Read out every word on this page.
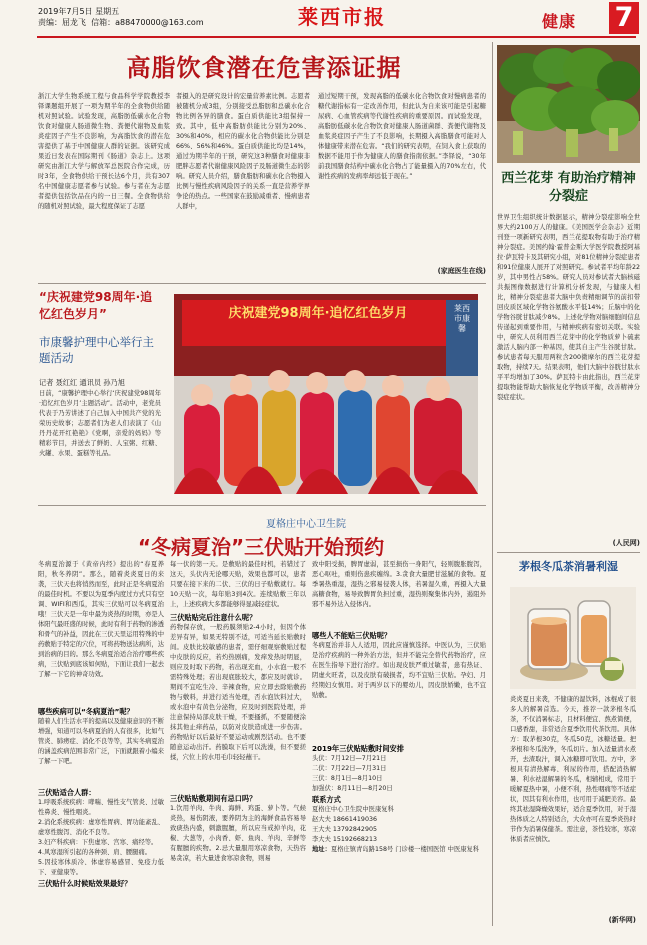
2019年7月5日 星期五
责编：屈龙飞 信箱：a88470000@163.com	莱西市报	健康 7
高脂饮食潜在危害添证据
浙江大学生物系统工程与食品科学学院教授李铎课题组开展了一项为期半年的全食物供给随机对照试验。试验发现，高脂肪低碳水化合物饮食对健康人肠道微生物、粪便代谢物及血浆炎症因子产生不良影响，为高脂饮食的潜在危害提供了基于中国健康人群的证据。该研究成果近日发表在国际期刊《肠道》杂志上。这项研究由浙江大学与解放军总医院合作完成，历时3年，全食物供给干预长达6个月，共有307名中国健康志愿者参与试验。参与者在为志愿者提供包括饮品在内的一日三餐。全食物供给的随机对照试验，最大程度保证了志愿
者摄入的是研究设计的宏量营养素比例。志愿者被随机分成3组，分别接受总脂肪和总碳水化合物比例各异的膳食。蛋白质供能比3组保持一致。其中，低中高脂肪供能比分别为20%、30%和40%，相应的碳水化合物供能比分别是66%、56%和46%。蛋白质供能比均是14%，通过为期半年的干预，研究这3种膳食对健康非肥胖志愿者代谢健康风险因子及肠道微生态的影响。研究人员介绍，膳食脂肪和碳水化合物摄入比例与慢性疾病风险因子的关系一直是营养学界争论的热点。一些国家在鼓励减重者、慢病患者人群中，
通过短期干预，发现高脂的低碳水化合物饮食对慢病患者的糖代谢指标有一定改善作用，但此认为自来该可能是引起糖尿病、心血管疾病等代谢性疾病的重要原因。而试验发现，高脂肪低碳水化合物饮食对健康人肠道菌群、粪便代谢物及血浆炎症因子产生了不良影响，长期摄入高脂膳食可能对人体健康带来潜在危害。“我们的研究表明，在饲入食上获取的数据不能用于作为健康人的膳食指南依据。”李铎说，“30年前我国膳食结构中碳水化合物占了能量摄入的70%左右，代谢性疾病的发病率却远低于现在。”
(家庭医生在线)
西兰花芽 有助治疗精神分裂症
世界卫生组织统计数据显示，精神分裂症影响全世界大约2100万人的健康。《美国医学会杂志》近期刊登一项新研究表明，西兰花提取物有助于治疗精神分裂症。美国约翰·霍普金斯大学医学院教授阿基拉·萨瓦特卡及其研究小组，对81位精神分裂症患者和91位健康人展开了对照研究。参试者平均年龄22岁，其中男性占58%。研究人员对参试者大脑核磁共振图像数据进行计算机分析发现，与健康人相比，精神分裂症患者大脑中负责精细调节的前扣带回皮质区域化学物谷氨酸水平低14%；丘脑中的化学物谷胱甘肽减少8%。上述化学物对脑细胞间信息传递起到重要作用，与精神疾病有密切关联。实验中，研究人员利用西兰花芽中的化学物质萝卜硫素激活人脑内部一种基因，使其自主产生谷胱甘肽。参试患者每天服用两粒含200微摩尔的西兰花芽提取物，持续7天。结果表明，他们大脑中谷胱甘肽水平平均增加了30%。萨瓦特卡由此指出，西兰花芽提取物能帮助大脑恢复化学物质平衡，改善精神分裂症症状。
(人民网)
“庆祝建党98周年·追忆红色岁月”
市康馨护理中心举行主题活动
记者 聂红红 通讯员 孙乃旭
日前，“康馨护理中心举行‘庆祝建党98周年·追忆红色岁月’主题活动”。活动中，老党员代表于乃芳讲述了自己加入中国共产党的光荣历史故事；志愿者们为老人们表演了《山丹丹花开红艳艳》《党啊，亲爱的妈妈》等精彩节目，并送去了鲜奶、人宝粥、红糖、火罐、水果、蛋糕等礼品。
庆祝建党98周年·追忆红色岁月	莱西市康馨
夏格庄中心卫生院
“冬病夏治”三伏贴开始预约
冬病夏治源于《黄帝内经》提出的“春夏养阳，秋冬养阴”。那么，随着炎炎夏日的来袭，三伏天也将悄然而至，此时正是冬病夏治的最佳时机。不要以为夏季内度过方式只有空调、WIFI和西瓜，其实三伏贴可以冬病夏治哦！三伏天是一年中最为炎热的时期，亦是人体阳气最旺盛的时候，此时有利于药物的渗透和骨气的补益，因此在三伏天里运用特殊的中药敷贴于特定的穴位，可将药物送达病所，达到治病的目的。那么冬病夏治适合治疗哪些疾病，三伏贴到底该如何贴，下面让我们一起去了解一下它的神奇功效。
哪些疾病可以“冬病夏治”呢？
随着人们生活水平的提高以及健康意识的不断增强，知道可以冬病夏治的人有很多，比如气管炎、肺痨症、消化不良等等，其实冬病夏治的涵盖疾病范围非常广泛，下面就跟着小编来了解一下吧。
三伏贴适合人群：
1.呼吸系统疾病：哮喘、慢性支气管炎、过敏性鼻炎、慢性咽炎。
2.消化系统疾病：虚寒性胃病、胃功能紊乱、虚寒性腹泻、消化不良等。
3.妇产科疾病：下焦虚寒、宫寒、痛经等。
4.风寒湿所引起的各种颈、肩、腰腿痛。
5.因技寒体质冷、体虚容易感冒、免疫力低下、亚健康等。
三伏贴什么时候贴效果最好？
每一伏的第一天。是敷贴的最佳时机，若错过了这天，头伏内无论哪天贴，效果也都可以，患者只要在接下来的二伏、三伏的日子贴敷就行。每10天贴一次，每年贴3到4次。连续贴敷三年以上，上述疾病大多都能够得显减轻症状。
三伏贴贴完后注意什么呢？
药物保存放，一般药膜须贴2-4小时，但因个体差异有异，如果无特别不适，可适当延长贴敷时间。皮肤比较敏感的患者，需仔细观察敷贴过程中皮肤的反应，若灼热剧痛，发痒发热时明显，则应及时取下药物，若出现充血，小水泡一般不需特殊处理；若出现底胀较大，都应及时就诊。期间不宜吃生冷、辛辣食物，应立即去除贴敷药物与敷料，并进行适当处理，否水泡饮料过大，或水泡中有黄色分泌物，应及时到医院处理，并注意保持局部皮肤干燥，不要搔抓，不要随便涂抹其他止痒药品，以防对皮肤造成进一步伤害。药物贴好以后最好不要运动或剧烈活动。也不要随意运动出汗。药膜取下后可以洗澡，但不要搓揉，穴位上的水用毛巾轻轻蘸干。
三伏贴贴敷期间有忌口吗？
1.饮用羊肉、牛肉、海鲜、鸡蛋、萝卜等。气候炎热，易伤阴液，要养阴为主的海鲜食品容易导致痰热内盛，刺激腥膻，所以应当戒掉羊肉，花椒、大葱等，小肉香、虾、鱼肉、羊肉、辛鲜等有腥膻的疾物。2.忌大量服用寒凉食物，天热容易贪凉，若大量进食寒凉食物，则易
致中阳受损，脾胃虚弱，甚至损伤一身阳气，轻则腹胀腹泻，恶心呕吐，重则伤患疾缠绵。3.贪食大量肥甘滋腻的食物。夏季暑热重湿，湿热之邪易侵袭人体，若暑湿久重，再摄入大量高糖食物，易导致脾胃负担过重，湿热则聚集体内外，遏阻外邪不易外达入侵体内。
哪些人不能贴三伏贴呢？
冬病夏治并非人人适用，因此应谨慎选择。中医认为，三伏贴是治疗疾病的一种外治方法，但并不能完全替代药物治疗，应在医生指导下进行治疗。如出现皮肤严重过敏者，患有热证、阴虚火旺者，以及皮肤有破损者，均不宜贴三伏贴。孕妇、月经期妇女慎用。对于两岁以下的婴幼儿，因皮肤娇嫩，也不宜贴敷。
2019年三伏贴贴敷时间安排
头伏：7月12日—7月21日
二伏：7月22日—7月31日
三伏：8月1日—8月10日
加强伏：8月11日—8月20日
联系方式
夏格庄中心卫生院中医康复科
赵大夫 18661419036
王大夫 13792842905
李大夫 15192668213
地址：夏格庄镇青岛路158号 门诊楼一楼国医馆 中医康复科
茅根冬瓜茶消暑利湿
炎炎夏日来袭，不健康的湿饮料，冰棍成了很多人的解暑首选。今天，推荐一款茅根冬瓜茶，不仅消暑标志，且材料便宜、熬煮简便，口感香甜，非常适合夏季饮用代茶饮用。具体方：取茅根30克，冬瓜50克，冰糖适量。把茅根和冬瓜洗净，冬瓜切片。加入适量清水煮开，去渣取汁，调入冰糖即可饮用。方中，茅根具有清热解毒、利尿的作用，搭配消热解暑、利水祛湿解暑的冬瓜，相辅相成，常用于暖解夏热中暑，小便不利，热性咽痛等不适症状，因其有利水作用，也可用于减肥美容。最终其祛湿降燥效果好，适合夏季饮用，对于湿热体质之人特别适合，大众亦可在夏季炎热时节作为消暑保健茶。需注意，茶性较寒，寒凉体质者应慎饮。
(新华网)
